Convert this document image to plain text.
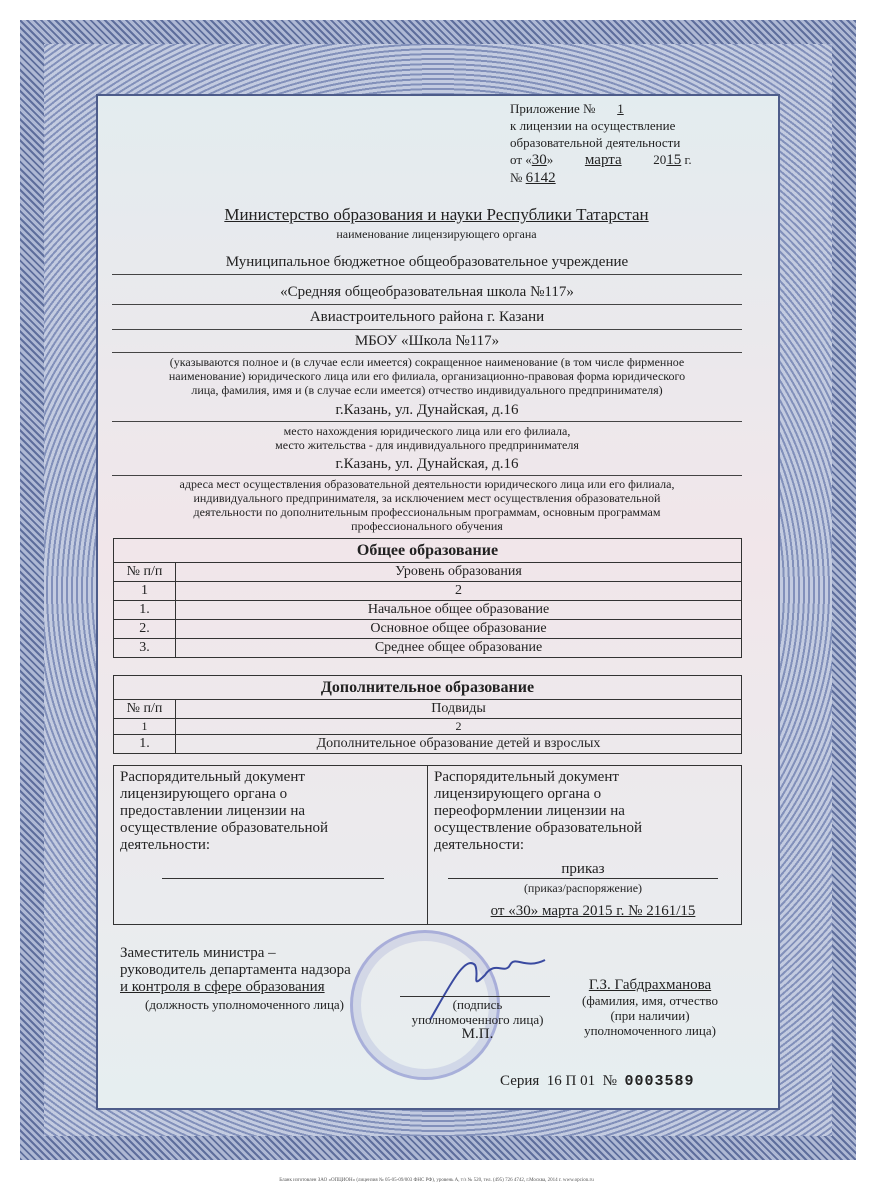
Приложение № 1
к лицензии на осуществление
образовательной деятельности
от «30» марта 2015 г.
№ 6142
Министерство образования и науки Республики Татарстан
наименование лицензирующего органа
Муниципальное бюджетное общеобразовательное учреждение
«Средняя общеобразовательная школа №117»
Авиастроительного района г. Казани
МБОУ «Школа №117»
(указываются полное и (в случае если имеется) сокращенное наименование (в том числе фирменное
наименование) юридического лица или его филиала, организационно-правовая форма юридического
лица, фамилия, имя и (в случае если имеется) отчество индивидуального предпринимателя)
г.Казань, ул. Дунайская, д.16
место нахождения юридического лица или его филиала,
место жительства - для индивидуального предпринимателя
г.Казань, ул. Дунайская, д.16
адреса мест осуществления образовательной деятельности юридического лица или его филиала,
индивидуального предпринимателя, за исключением мест осуществления образовательной
деятельности по дополнительным профессиональным программам, основным программам
профессионального обучения
Общее образование	
№ п/п	Уровень образования
1	2
1.	Начальное общее образование
2.	Основное общее образование
3.	Среднее общее образование
Дополнительное образование	
№ п/п	Подвиды
1	2
1.	Дополнительное образование детей и взрослых
Распорядительный документ
лицензирующего органа о
предоставлении лицензии на
осуществление образовательной
деятельности:
Распорядительный документ
лицензирующего органа о
переоформлении лицензии на
осуществление образовательной
деятельности:
приказ
(приказ/распоряжение)
от «30» марта 2015 г. № 2161/15
Заместитель министра –
руководитель департамента надзора
и контроля в сфере образования
(должность уполномоченного лица)	(подпись
уполномоченного лица)
М.П.
Г.З. Габдрахманова
(фамилия, имя, отчество
(при наличии)
уполномоченного лица)
Серия 16 П 01 № 0003589
Бланк изготовлен ЗАО «ОПЦИОН» (лицензия № 05-05-09/003 ФНС РФ), уровень А, т/з № 520, тел. (495) 726 4742, г.Москва, 2014 г. www.opcion.ru
